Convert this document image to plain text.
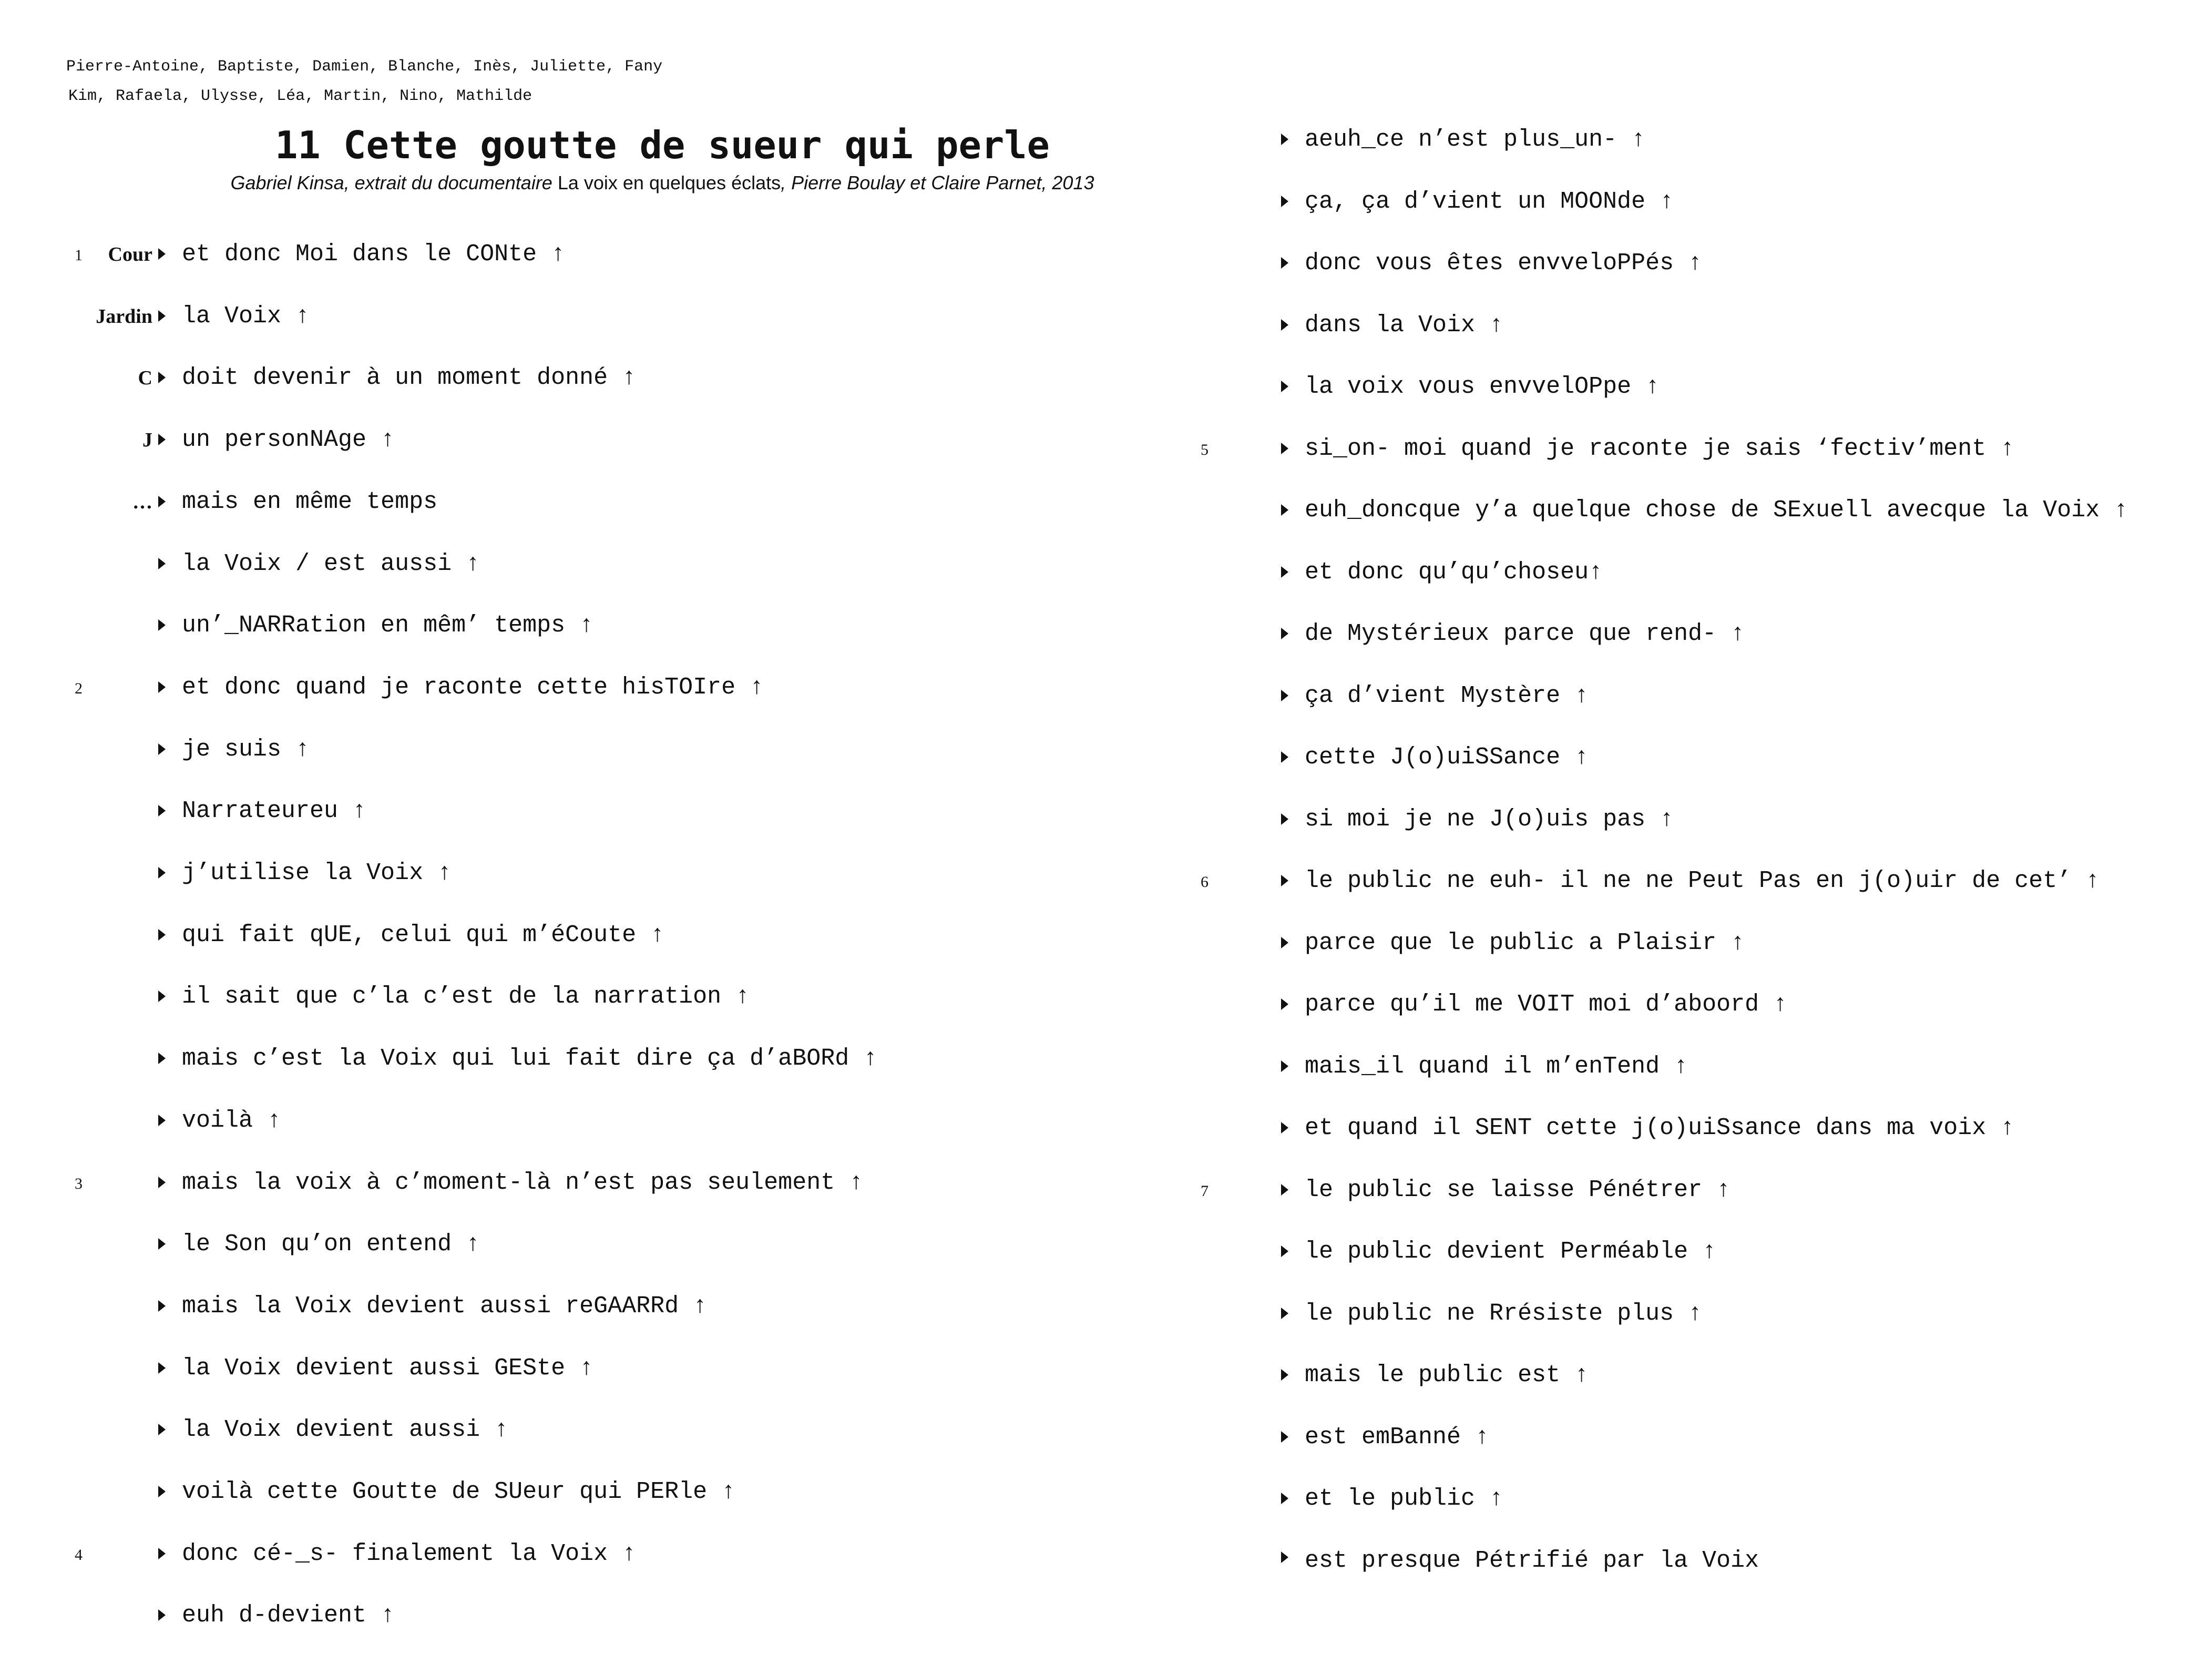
Pierre-Antoine, Baptiste, Damien, Blanche, Inès, Juliette, Fany
Kim, Rafaela, Ulysse, Léa, Martin, Nino, Mathilde
11 Cette goutte de sueur qui perle
Gabriel Kinsa, extrait du documentaire La voix en quelques éclats, Pierre Boulay et Claire Parnet, 2013
1	Cour et donc Moi dans le CONte ↑
Jardin la Voix ↑
C doit devenir à un moment donné ↑
J un personNAge ↑
… mais en même temps
la Voix / est aussi ↑
un’_NARRation en mêm’ temps ↑
2	et donc quand je raconte cette hisTOIre ↑
je suis ↑
Narrateureu ↑
j’utilise la Voix ↑
qui fait qUE, celui qui m’éCoute ↑
il sait que c’la c’est de la narration ↑
mais c’est la Voix qui lui fait dire ça d’aBORd ↑
voilà ↑
3	mais la voix à c’moment-là n’est pas seulement ↑
le Son qu’on entend ↑
mais la Voix devient aussi reGAARRd ↑
la Voix devient aussi GESte ↑
la Voix devient aussi ↑
voilà cette Goutte de SUeur qui PERle ↑
4	donc cé-_s- finalement la Voix ↑
euh d-devient ↑
aeuh_ce n’est plus_un- ↑
ça, ça d’vient un MOONde ↑
donc vous êtes envveloPPés ↑
dans la Voix ↑
la voix vous envvelOPpe ↑
5	si_on- moi quand je raconte je sais ‘fectiv’ment ↑
euh_doncque y’a quelque chose de SExuell avecque la Voix ↑
et donc qu’qu’choseu↑
de Mystérieux parce que rend- ↑
ça d’vient Mystère ↑
cette J(o)uiSSance ↑
si moi je ne J(o)uis pas ↑
6	le public ne euh- il ne ne Peut Pas en j(o)uir de cet’ ↑
parce que le public a Plaisir ↑
parce qu’il me VOIT moi d’aboord ↑
mais_il quand il m’enTend ↑
et quand il SENT cette j(o)uiSsance dans ma voix ↑
7	le public se laisse Pénétrer ↑
le public devient Perméable ↑
le public ne Rrésiste plus ↑
mais le public est ↑
est emBanné ↑
et le public ↑
est presque Pétrifié par la Voix
